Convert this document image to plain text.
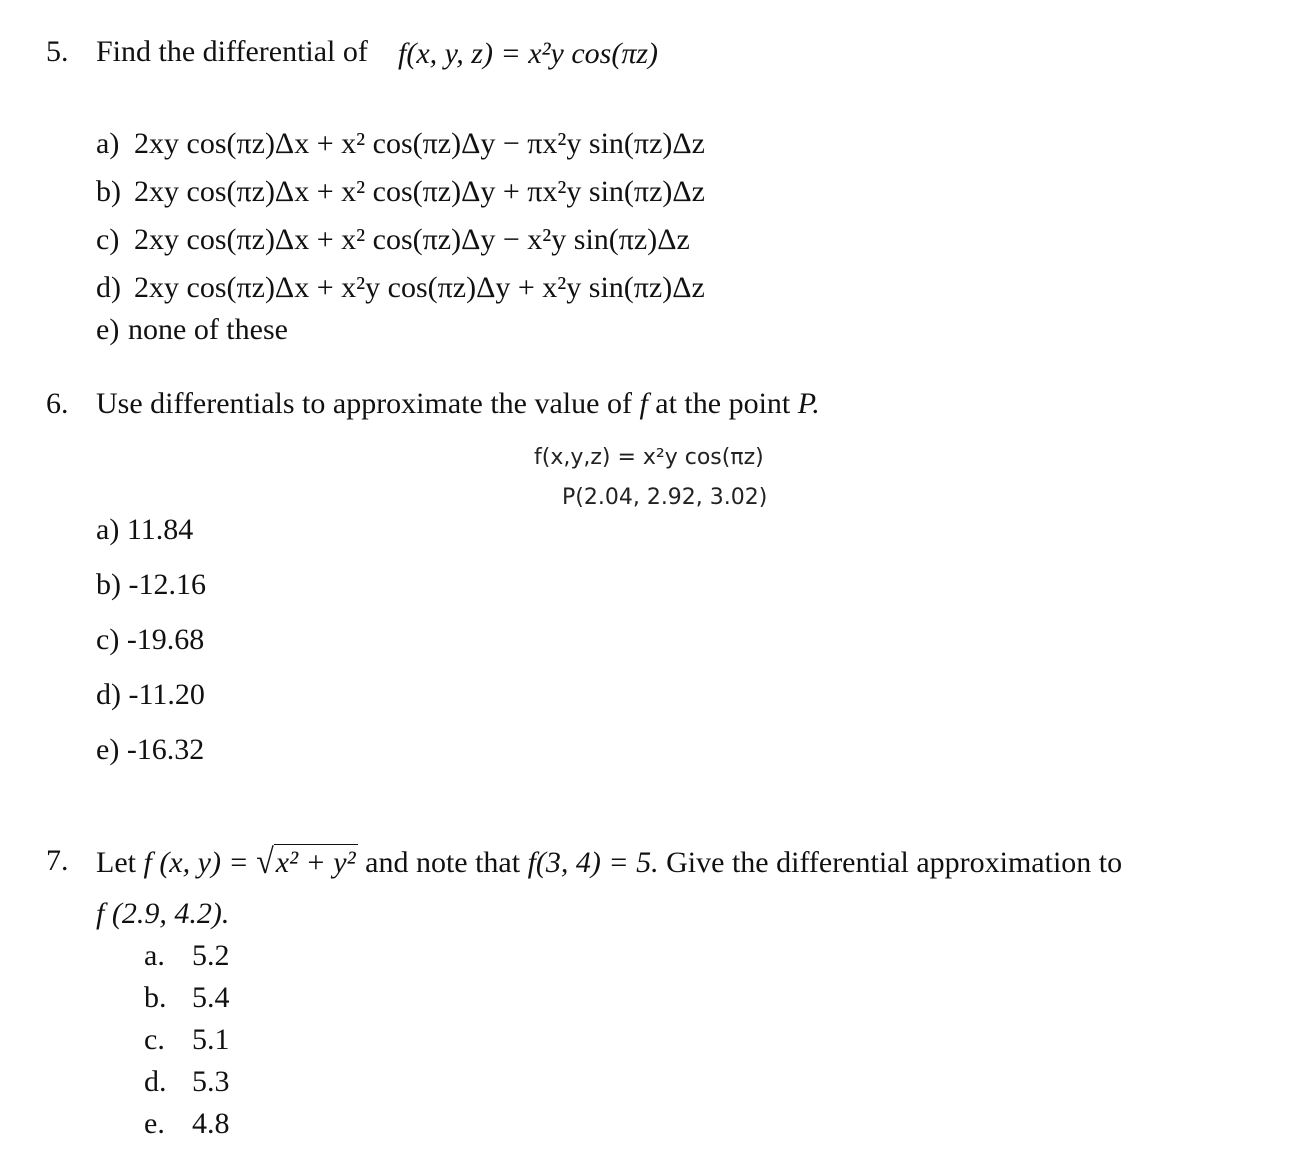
5. Find the differential of f(x, y, z) = x²y cos(πz)
a) 2xy cos(πz)Δx + x² cos(πz)Δy − πx²y sin(πz)Δz
b) 2xy cos(πz)Δx + x² cos(πz)Δy + πx²y sin(πz)Δz
c) 2xy cos(πz)Δx + x² cos(πz)Δy − x²y sin(πz)Δz
d) 2xy cos(πz)Δx + x²y cos(πz)Δy + x²y sin(πz)Δz
e) none of these
6. Use differentials to approximate the value of f at the point P.
f(x,y,z) = x²y cos(πz)
P(2.04, 2.92, 3.02)
a) 11.84
b) -12.16
c) -19.68
d) -11.20
e) -16.32
7. Let f (x, y) = √x² + y² and note that f(3, 4) = 5. Give the differential approximation to
f (2.9, 4.2).
a. 5.2
b. 5.4
c. 5.1
d. 5.3
e. 4.8
